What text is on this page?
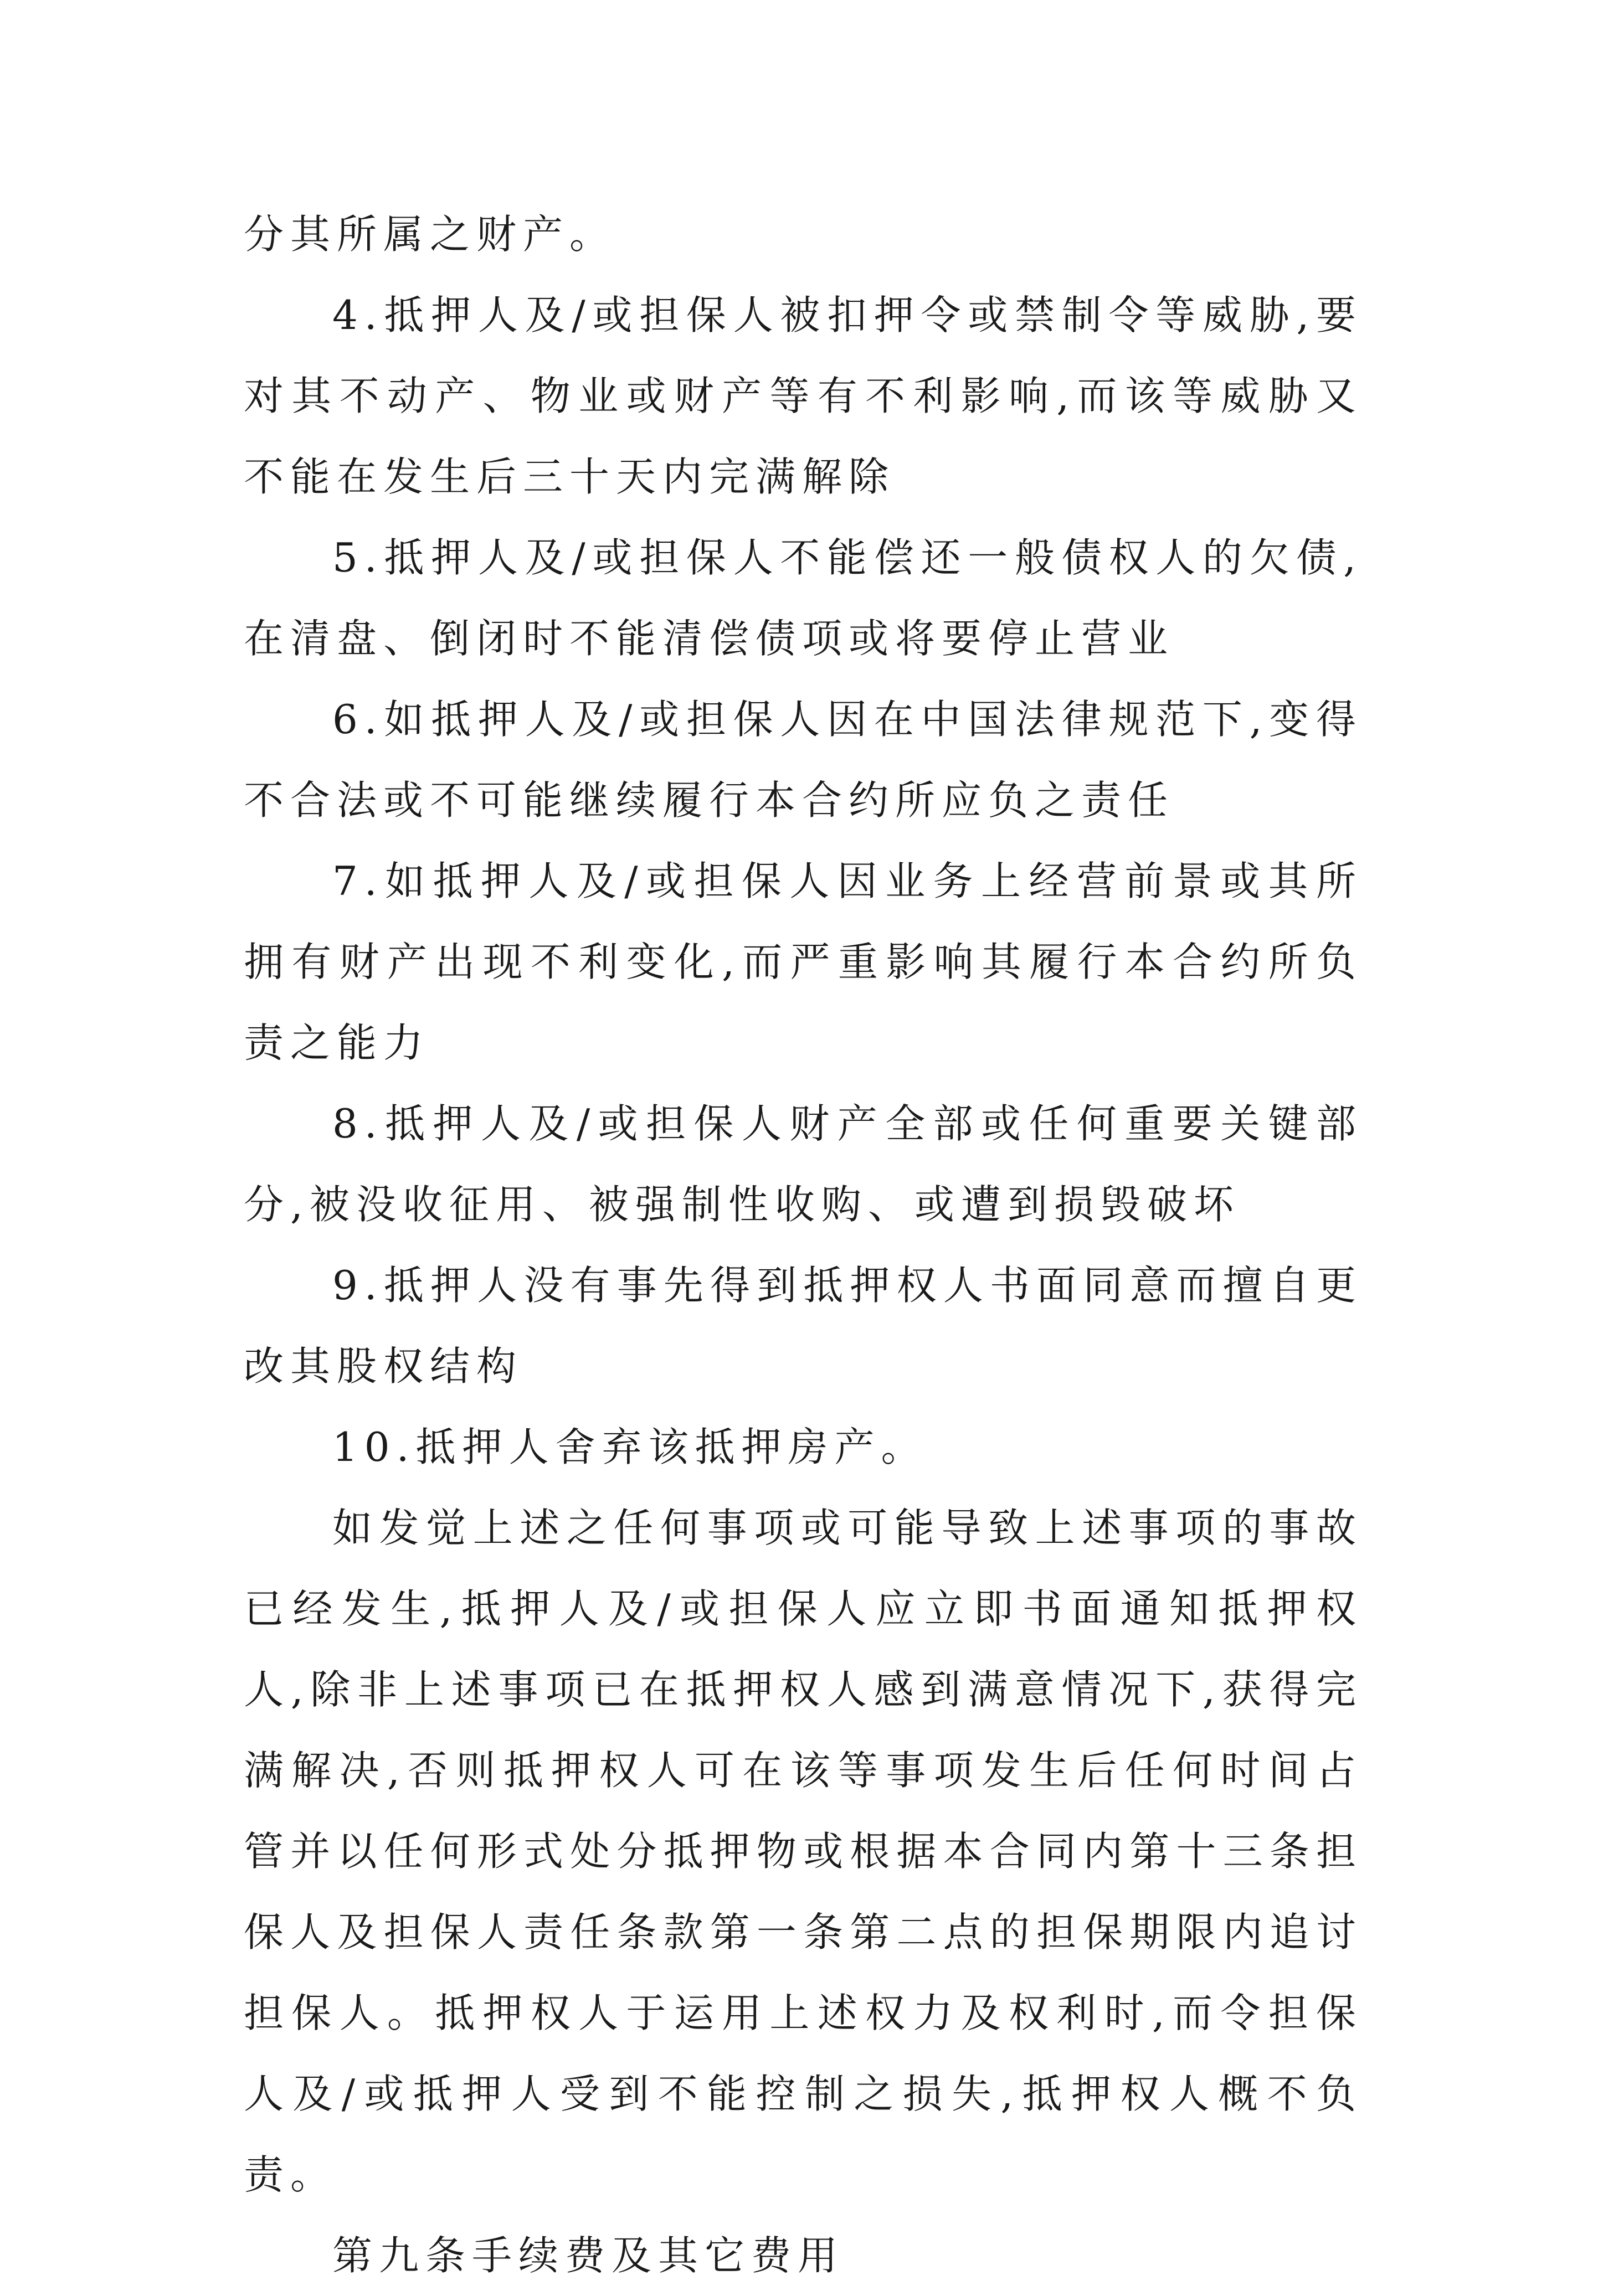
分其所属之财产。

4.抵押人及/或担保人被扣押令或禁制令等威胁,要对其不动产、物业或财产等有不利影响,而该等威胁又不能在发生后三十天内完满解除

5.抵押人及/或担保人不能偿还一般债权人的欠债,在清盘、倒闭时不能清偿债项或将要停止营业

6.如抵押人及/或担保人因在中国法律规范下,变得不合法或不可能继续履行本合约所应负之责任

7.如抵押人及/或担保人因业务上经营前景或其所拥有财产出现不利变化,而严重影响其履行本合约所负责之能力

8.抵押人及/或担保人财产全部或任何重要关键部分,被没收征用、被强制性收购、或遭到损毁破坏

9.抵押人没有事先得到抵押权人书面同意而擅自更改其股权结构

10.抵押人舍弃该抵押房产。

如发觉上述之任何事项或可能导致上述事项的事故已经发生,抵押人及/或担保人应立即书面通知抵押权人,除非上述事项已在抵押权人感到满意情况下,获得完满解决,否则抵押权人可在该等事项发生后任何时间占管并以任何形式处分抵押物或根据本合同内第十三条担保人及担保人责任条款第一条第二点的担保期限内追讨担保人。抵押权人于运用上述权力及权利时,而令担保人及/或抵押人受到不能控制之损失,抵押权人概不负责。

第九条手续费及其它费用
